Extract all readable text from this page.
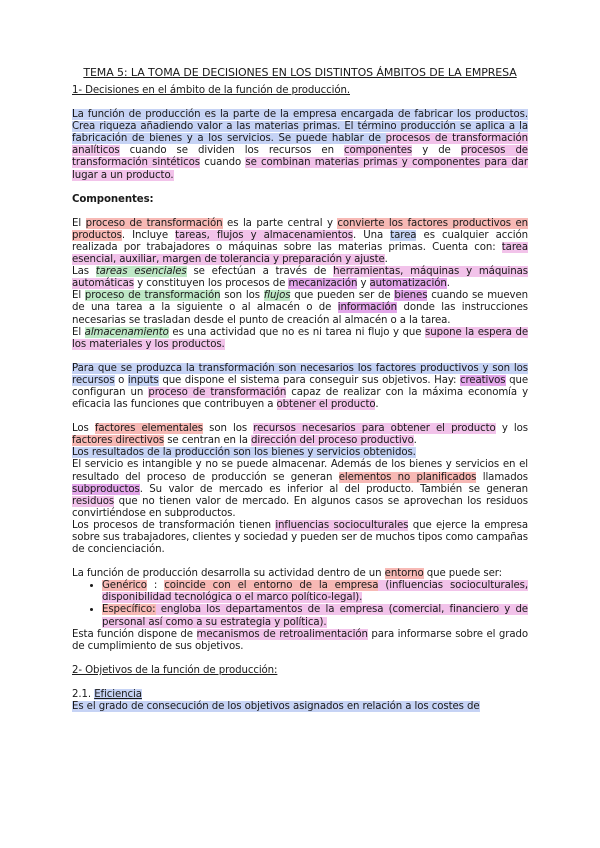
TEMA 5: LA TOMA DE DECISIONES EN LOS DISTINTOS ÁMBITOS DE LA EMPRESA
1- Decisiones en el ámbito de la función de producción.

La función de producción es la parte de la empresa encargada de fabricar los productos. Crea riqueza añadiendo valor a las materias primas. El término producción se aplica a la fabricación de bienes y a los servicios. Se puede hablar de procesos de transformación analíticos cuando se dividen los recursos en componentes y de procesos de transformación sintéticos cuando se combinan materias primas y componentes para dar lugar a un producto.

Componentes:

El proceso de transformación es la parte central y convierte los factores productivos en productos. Incluye tareas, flujos y almacenamientos. Una tarea es cualquier acción realizada por trabajadores o máquinas sobre las materias primas. Cuenta con: tarea esencial, auxiliar, margen de tolerancia y preparación y ajuste.

Las tareas esenciales se efectúan a través de herramientas, máquinas y máquinas automáticas y constituyen los procesos de mecanización y automatización.

El proceso de transformación son los flujos que pueden ser de bienes cuando se mueven de una tarea a la siguiente o al almacén o de información donde las instrucciones necesarias se trasladan desde el punto de creación al almacén o a la tarea.

El almacenamiento es una actividad que no es ni tarea ni flujo y que supone la espera de los materiales y los productos.

Para que se produzca la transformación son necesarios los factores productivos y son los recursos o inputs que dispone el sistema para conseguir sus objetivos. Hay: creativos que configuran un proceso de transformación capaz de realizar con la máxima economía y eficacia las funciones que contribuyen a obtener el producto.

Los factores elementales son los recursos necesarios para obtener el producto y los factores directivos se centran en la dirección del proceso productivo.

Los resultados de la producción son los bienes y servicios obtenidos.

El servicio es intangible y no se puede almacenar. Además de los bienes y servicios en el resultado del proceso de producción se generan elementos no planificados llamados subproductos. Su valor de mercado es inferior al del producto. También se generan residuos que no tienen valor de mercado. En algunos casos se aprovechan los residuos convirtiéndose en subproductos.

Los procesos de transformación tienen influencias socioculturales que ejerce la empresa sobre sus trabajadores, clientes y sociedad y pueden ser de muchos tipos como campañas de concienciación.

La función de producción desarrolla su actividad dentro de un entorno que puede ser:

• Genérico : coincide con el entorno de la empresa (influencias socioculturales, disponibilidad tecnológica o el marco político-legal).
• Específico: engloba los departamentos de la empresa (comercial, financiero y de personal así como a su estrategia y política).

Esta función dispone de mecanismos de retroalimentación para informarse sobre el grado de cumplimiento de sus objetivos.

2- Objetivos de la función de producción:
2.1. Eficiencia

Es el grado de consecución de los objetivos asignados en relación a los costes de
